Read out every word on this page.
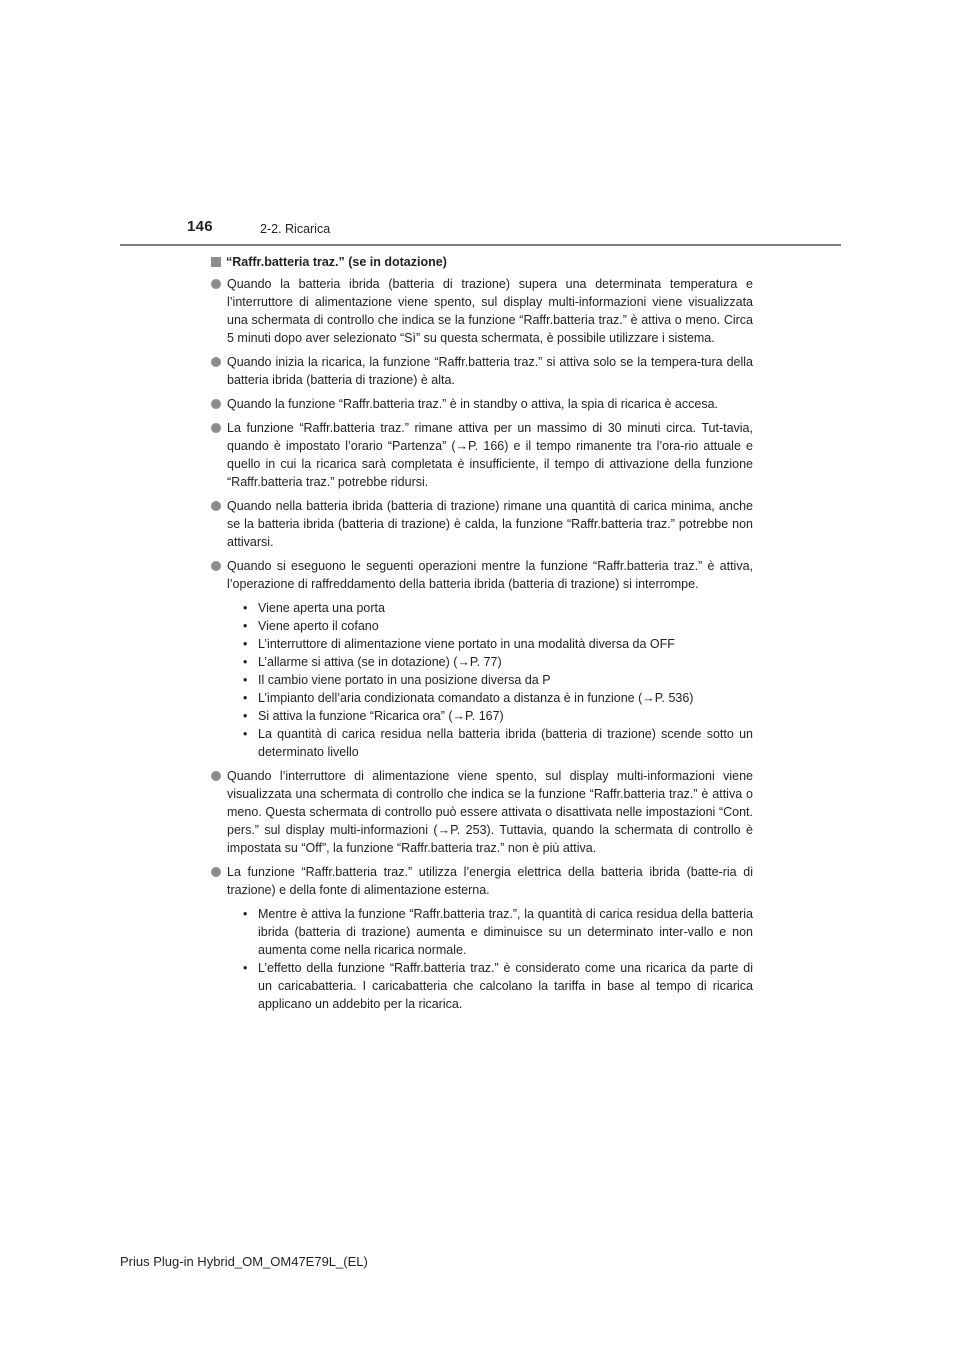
146	2-2. Ricarica
“Raffr.batteria traz.” (se in dotazione)
Quando la batteria ibrida (batteria di trazione) supera una determinata temperatura e l’interruttore di alimentazione viene spento, sul display multi-informazioni viene visualizzata una schermata di controllo che indica se la funzione “Raffr.batteria traz.” è attiva o meno. Circa 5 minuti dopo aver selezionato “Sì” su questa schermata, è possibile utilizzare i sistema.
Quando inizia la ricarica, la funzione “Raffr.batteria traz.” si attiva solo se la tempera-tura della batteria ibrida (batteria di trazione) è alta.
Quando la funzione “Raffr.batteria traz.” è in standby o attiva, la spia di ricarica è accesa.
La funzione “Raffr.batteria traz.” rimane attiva per un massimo di 30 minuti circa. Tut-tavia, quando è impostato l’orario “Partenza” (→P. 166) e il tempo rimanente tra l’ora-rio attuale e quello in cui la ricarica sarà completata è insufficiente, il tempo di attivazione della funzione “Raffr.batteria traz.” potrebbe ridursi.
Quando nella batteria ibrida (batteria di trazione) rimane una quantità di carica minima, anche se la batteria ibrida (batteria di trazione) è calda, la funzione “Raffr.batteria traz.” potrebbe non attivarsi.
Quando si eseguono le seguenti operazioni mentre la funzione “Raffr.batteria traz.” è attiva, l’operazione di raffreddamento della batteria ibrida (batteria di trazione) si interrompe.
• Viene aperta una porta
• Viene aperto il cofano
• L’interruttore di alimentazione viene portato in una modalità diversa da OFF
• L’allarme si attiva (se in dotazione) (→P. 77)
• Il cambio viene portato in una posizione diversa da P
• L’impianto dell’aria condizionata comandato a distanza è in funzione (→P. 536)
• Si attiva la funzione “Ricarica ora” (→P. 167)
• La quantità di carica residua nella batteria ibrida (batteria di trazione) scende sotto un determinato livello
Quando l’interruttore di alimentazione viene spento, sul display multi-informazioni viene visualizzata una schermata di controllo che indica se la funzione “Raffr.batteria traz.” è attiva o meno. Questa schermata di controllo può essere attivata o disattivata nelle impostazioni “Cont. pers.” sul display multi-informazioni (→P. 253). Tuttavia, quando la schermata di controllo è impostata su “Off”, la funzione “Raffr.batteria traz.” non è più attiva.
La funzione “Raffr.batteria traz.” utilizza l’energia elettrica della batteria ibrida (batte-ria di trazione) e della fonte di alimentazione esterna.
• Mentre è attiva la funzione “Raffr.batteria traz.”, la quantità di carica residua della batteria ibrida (batteria di trazione) aumenta e diminuisce su un determinato inter-vallo e non aumenta come nella ricarica normale.
• L’effetto della funzione “Raffr.batteria traz.” è considerato come una ricarica da parte di un caricabatteria. I caricabatteria che calcolano la tariffa in base al tempo di ricarica applicano un addebito per la ricarica.
Prius Plug-in Hybrid_OM_OM47E79L_(EL)
